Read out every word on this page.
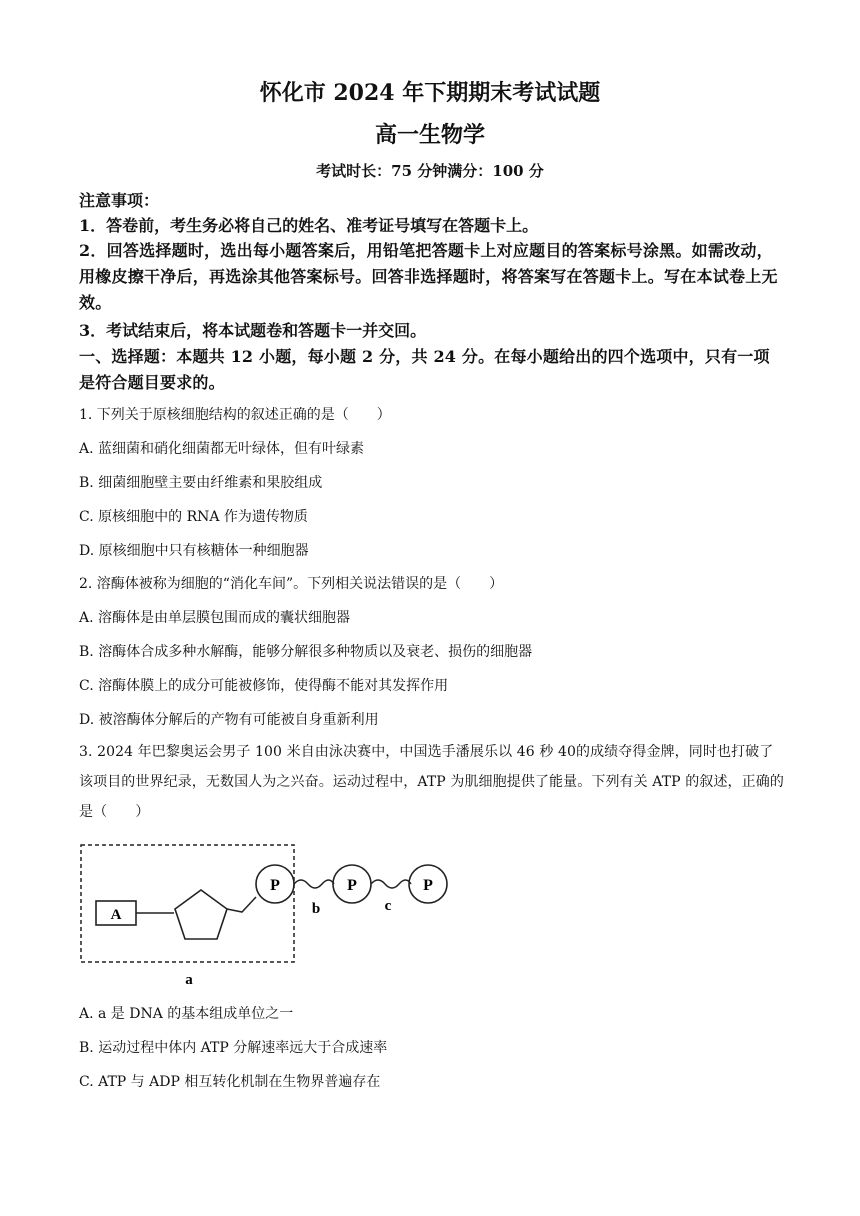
怀化市 2024 年下期期末考试试题
高一生物学
考试时长：75 分钟满分：100 分
注意事项：
1．答卷前，考生务必将自己的姓名、准考证号填写在答题卡上。
2．回答选择题时，选出每小题答案后，用铅笔把答题卡上对应题目的答案标号涂黑。如需改动，用橡皮擦干净后，再选涂其他答案标号。回答非选择题时，将答案写在答题卡上。写在本试卷上无效。
3．考试结束后，将本试题卷和答题卡一并交回。
一、选择题：本题共 12 小题，每小题 2 分，共 24 分。在每小题给出的四个选项中，只有一项是符合题目要求的。
1. 下列关于原核细胞结构的叙述正确的是（　　）
A. 蓝细菌和硝化细菌都无叶绿体，但有叶绿素
B. 细菌细胞壁主要由纤维素和果胶组成
C. 原核细胞中的 RNA 作为遗传物质
D. 原核细胞中只有核糖体一种细胞器
2. 溶酶体被称为细胞的“消化车间”。下列相关说法错误的是（　　）
A. 溶酶体是由单层膜包围而成的囊状细胞器
B. 溶酶体合成多种水解酶，能够分解很多种物质以及衰老、损伤的细胞器
C. 溶酶体膜上的成分可能被修饰，使得酶不能对其发挥作用
D. 被溶酶体分解后的产物有可能被自身重新利用
3. 2024 年巴黎奥运会男子 100 米自由泳决赛中，中国选手潘展乐以 46 秒 40的成绩夺得金牌，同时也打破了该项目的世界纪录，无数国人为之兴奋。运动过程中，ATP 为肌细胞提供了能量。下列有关 ATP 的叙述，正确的是（　　）
A
P	P	P
b	c
a
A. a 是 DNA 的基本组成单位之一
B. 运动过程中体内 ATP 分解速率远大于合成速率
C. ATP 与 ADP 相互转化机制在生物界普遍存在
